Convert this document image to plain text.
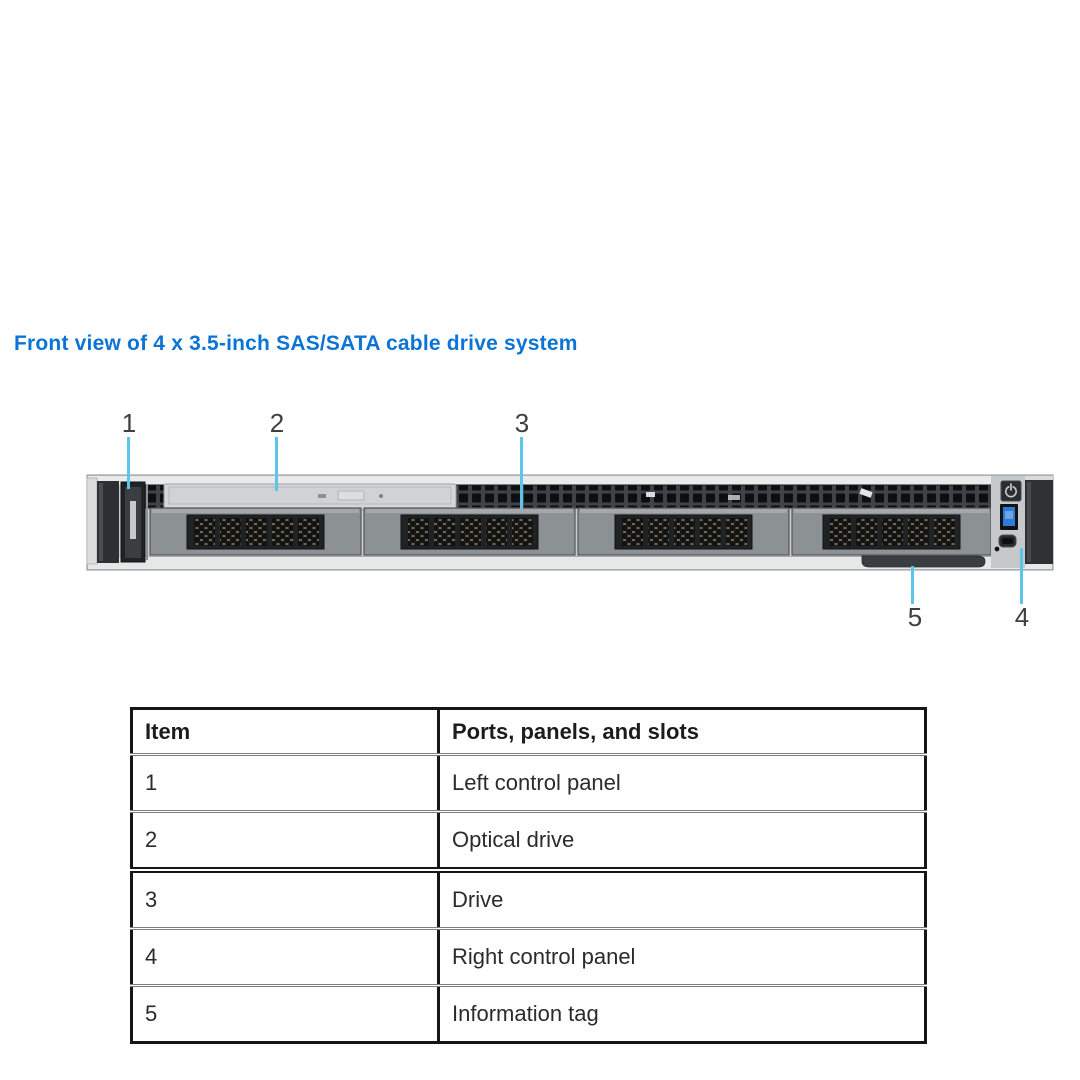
Front view of 4 x 3.5-inch SAS/SATA cable drive system
1	2	3
4
5
Item	Ports, panels, and slots
1	Left control panel
2	Optical drive
3	Drive
4	Right control panel
5	Information tag
